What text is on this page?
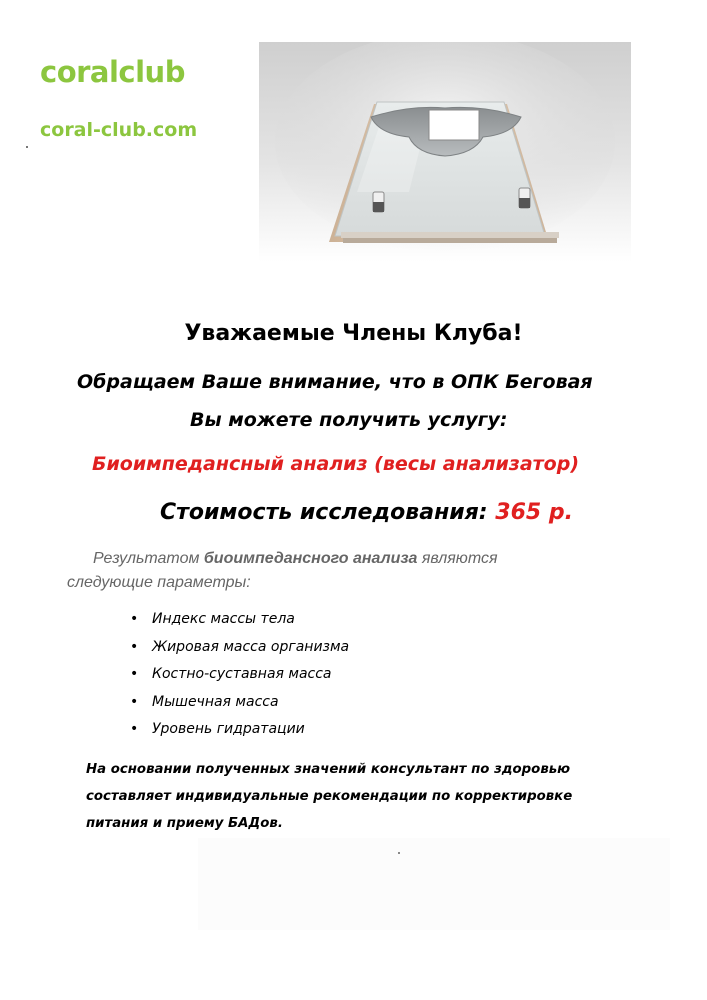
coralclub
coral-club.com
Уважаемые Члены Клуба!
Обращаем Ваше внимание, что в ОПК Беговая
Вы можете получить услугу:
Биоимпедансный анализ (весы анализатор)
Стоимость исследования: 365 р.
Результатом биоимпедансного анализа являются
следующие параметры:
• Индекс массы тела
• Жировая масса организма
• Костно-суставная масса
• Мышечная масса
• Уровень гидратации
На основании полученных значений консультант по здоровью
составляет индивидуальные рекомендации по корректировке
питания и приему БАДов.
